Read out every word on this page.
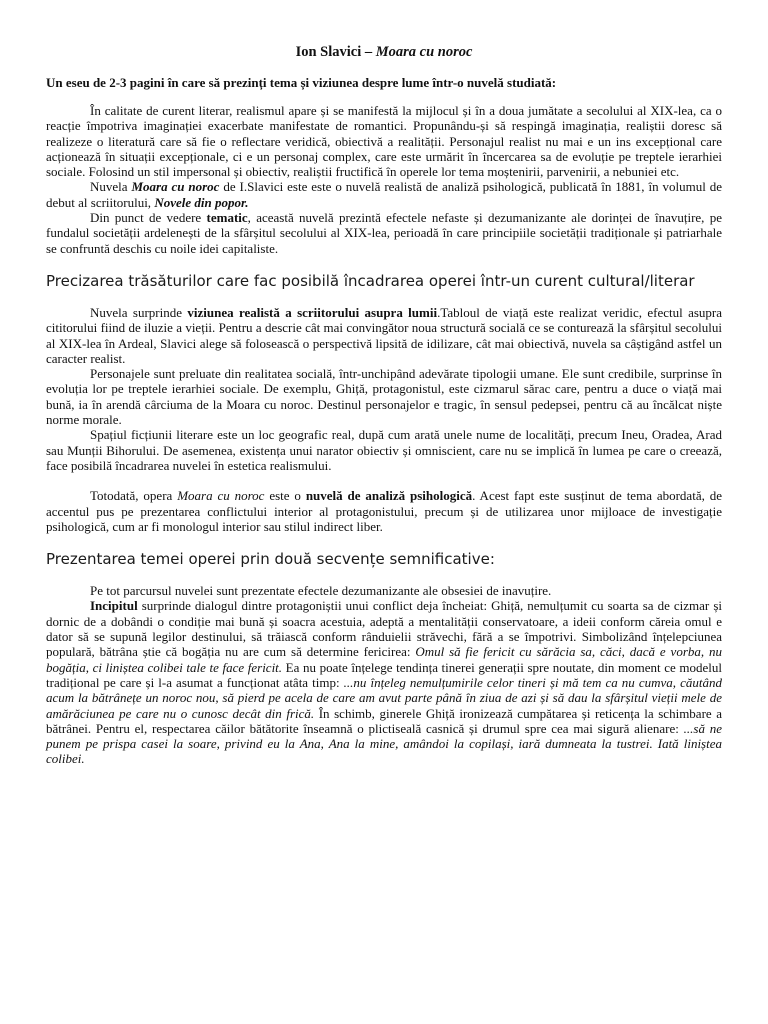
Ion Slavici – Moara cu noroc
Un eseu de 2-3 pagini în care să prezinți tema și viziunea despre lume într-o nuvelă studiată:

În calitate de curent literar, realismul apare și se manifestă la mijlocul și în a doua jumătate a secolului al XIX-lea, ca o reacție împotriva imaginației exacerbate manifestate de romantici. Propunându-și să respingă imaginația, realiștii doresc să realizeze o literatură care să fie o reflectare veridică, obiectivă a realității. Personajul realist nu mai e un ins excepțional care acționează în situații excepționale, ci e un personaj complex, care este urmărit în încercarea sa de evoluție pe treptele ierarhiei sociale. Folosind un stil impersonal și obiectiv, realiștii fructifică în operele lor tema moștenirii, parvenirii, a nebuniei etc.

Nuvela Moara cu noroc de I.Slavici este este o nuvelă realistă de analiză psihologică, publicată în 1881, în volumul de debut al scriitorului, Novele din popor.

Din punct de vedere tematic, această nuvelă prezintă efectele nefaste și dezumanizante ale dorinței de înavuțire, pe fundalul societății ardelenești de la sfârșitul secolului al XIX-lea, perioadă în care principiile societății tradiționale și patriarhale se confruntă deschis cu noile idei capitaliste.

Precizarea trăsăturilor care fac posibilă încadrarea operei într-un curent cultural/literar

Nuvela surprinde viziunea realistă a scriitorului asupra lumii.Tabloul de viață este realizat veridic, efectul asupra cititorului fiind de iluzie a vieții. Pentru a descrie cât mai convingător noua structură socială ce se conturează la sfârșitul secolului al XIX-lea în Ardeal, Slavici alege să folosească o perspectivă lipsită de idilizare, cât mai obiectivă, nuvela sa câștigând astfel un caracter realist.

Personajele sunt preluate din realitatea socială, într-unchipând adevărate tipologii umane. Ele sunt credibile, surprinse în evoluția lor pe treptele ierarhiei sociale. De exemplu, Ghiță, protagonistul, este cizmarul sărac care, pentru a duce o viață mai bună, ia în arendă cârciuma de la Moara cu noroc. Destinul personajelor e tragic, în sensul pedepsei, pentru că au încălcat niște norme morale.

Spațiul ficțiunii literare este un loc geografic real, după cum arată unele nume de localități, precum Ineu, Oradea, Arad sau Munții Bihorului. De asemenea, existența unui narator obiectiv și omniscient, care nu se implică în lumea pe care o creează, face posibilă încadrarea nuvelei în estetica realismului.

Totodată, opera Moara cu noroc este o nuvelă de analiză psihologică. Acest fapt este susținut de tema abordată, de accentul pus pe prezentarea conflictului interior al protagonistului, precum și de utilizarea unor mijloace de investigație psihologică, cum ar fi monologul interior sau stilul indirect liber.

Prezentarea temei operei prin două secvențe semnificative:

Pe tot parcursul nuvelei sunt prezentate efectele dezumanizante ale obsesiei de inavuțire.

Incipitul surprinde dialogul dintre protagoniștii unui conflict deja încheiat: Ghiță, nemulțumit cu soarta sa de cizmar și dornic de a dobândi o condiție mai bună și soacra acestuia, adeptă a mentalității conservatoare, a ideii conform căreia omul e dator să se supună legilor destinului, să trăiască conform rânduielii străvechi, fără a se împotrivi. Simbolizând înțelepciunea populară, bătrâna știe că bogăția nu are cum să determine fericirea: Omul să fie fericit cu sărăcia sa, căci, dacă e vorba, nu bogăția, ci liniștea colibei tale te face fericit. Ea nu poate înțelege tendința tinerei generații spre noutate, din moment ce modelul tradițional pe care și l-a asumat a funcționat atâta timp: ...nu înțeleg nemulțumirile celor tineri și mă tem ca nu cumva, căutând acum la bătrânețe un noroc nou, să pierd pe acela de care am avut parte până în ziua de azi și să dau la sfârșitul vieții mele de amărăciunea pe care nu o cunosc decât din frică. În schimb, ginerele Ghiță ironizează cumpătarea și reticența la schimbare a bătrânei. Pentru el, respectarea căilor bătătorite înseamnă o plictiseală casnică și drumul spre cea mai sigură alienare: ...să ne punem pe prispa casei la soare, privind eu la Ana, Ana la mine, amândoi la copilași, iară dumneata la tustrei. Iată liniștea colibei.
